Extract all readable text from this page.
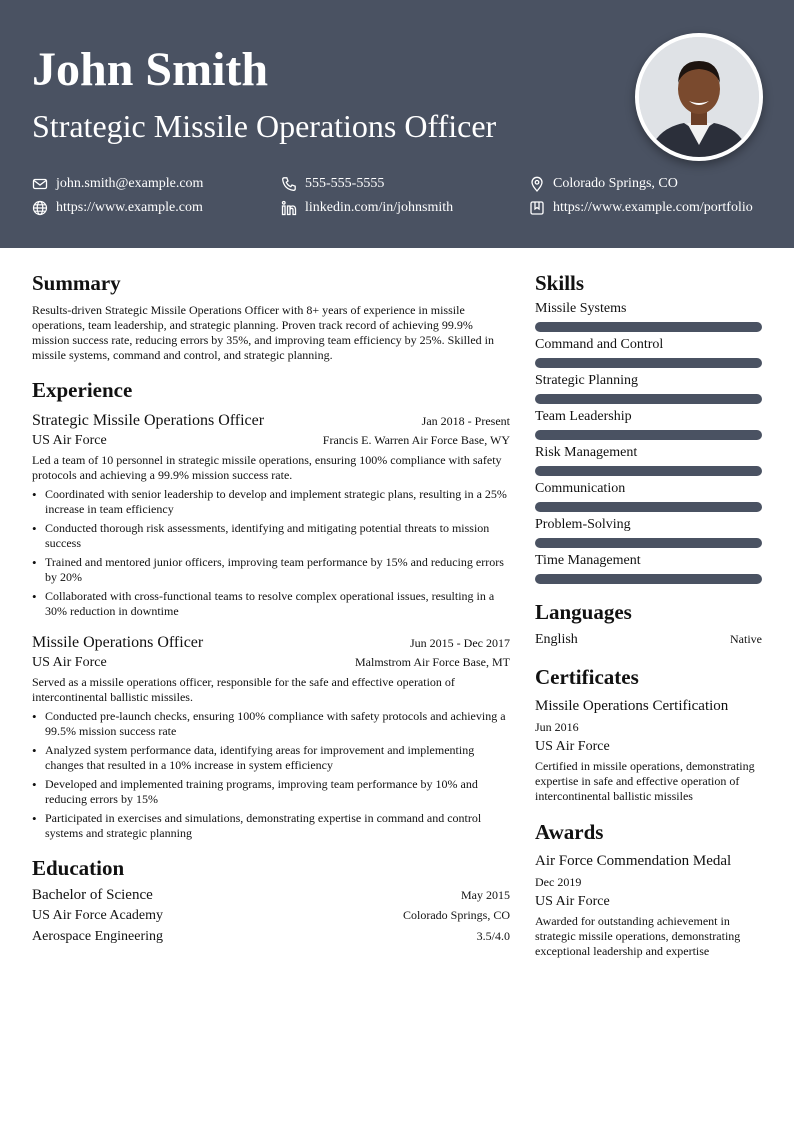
John Smith
Strategic Missile Operations Officer
john.smith@example.com	555-555-5555	Colorado Springs, CO
https://www.example.com	linkedin.com/in/johnsmith	https://www.example.com/portfolio
Summary
Results-driven Strategic Missile Operations Officer with 8+ years of experience in missile operations, team leadership, and strategic planning. Proven track record of achieving 99.9% mission success rate, reducing errors by 35%, and improving team efficiency by 25%. Skilled in missile systems, command and control, and strategic planning.
Experience
Strategic Missile Operations Officer	Jan 2018 - Present
US Air Force	Francis E. Warren Air Force Base, WY
Led a team of 10 personnel in strategic missile operations, ensuring 100% compliance with safety protocols and achieving a 99.9% mission success rate.
• Coordinated with senior leadership to develop and implement strategic plans, resulting in a 25% increase in team efficiency
• Conducted thorough risk assessments, identifying and mitigating potential threats to mission success
• Trained and mentored junior officers, improving team performance by 15% and reducing errors by 20%
• Collaborated with cross-functional teams to resolve complex operational issues, resulting in a 30% reduction in downtime
Missile Operations Officer	Jun 2015 - Dec 2017
US Air Force	Malmstrom Air Force Base, MT
Served as a missile operations officer, responsible for the safe and effective operation of intercontinental ballistic missiles.
• Conducted pre-launch checks, ensuring 100% compliance with safety protocols and achieving a 99.5% mission success rate
• Analyzed system performance data, identifying areas for improvement and implementing changes that resulted in a 10% increase in system efficiency
• Developed and implemented training programs, improving team performance by 10% and reducing errors by 15%
• Participated in exercises and simulations, demonstrating expertise in command and control systems and strategic planning
Education
Bachelor of Science	May 2015
US Air Force Academy	Colorado Springs, CO
Aerospace Engineering	3.5/4.0
Skills
Missile Systems
Command and Control
Strategic Planning
Team Leadership
Risk Management
Communication
Problem-Solving
Time Management
Languages
English	Native
Certificates
Missile Operations Certification
Jun 2016
US Air Force
Certified in missile operations, demonstrating expertise in safe and effective operation of intercontinental ballistic missiles
Awards
Air Force Commendation Medal
Dec 2019
US Air Force
Awarded for outstanding achievement in strategic missile operations, demonstrating exceptional leadership and expertise
